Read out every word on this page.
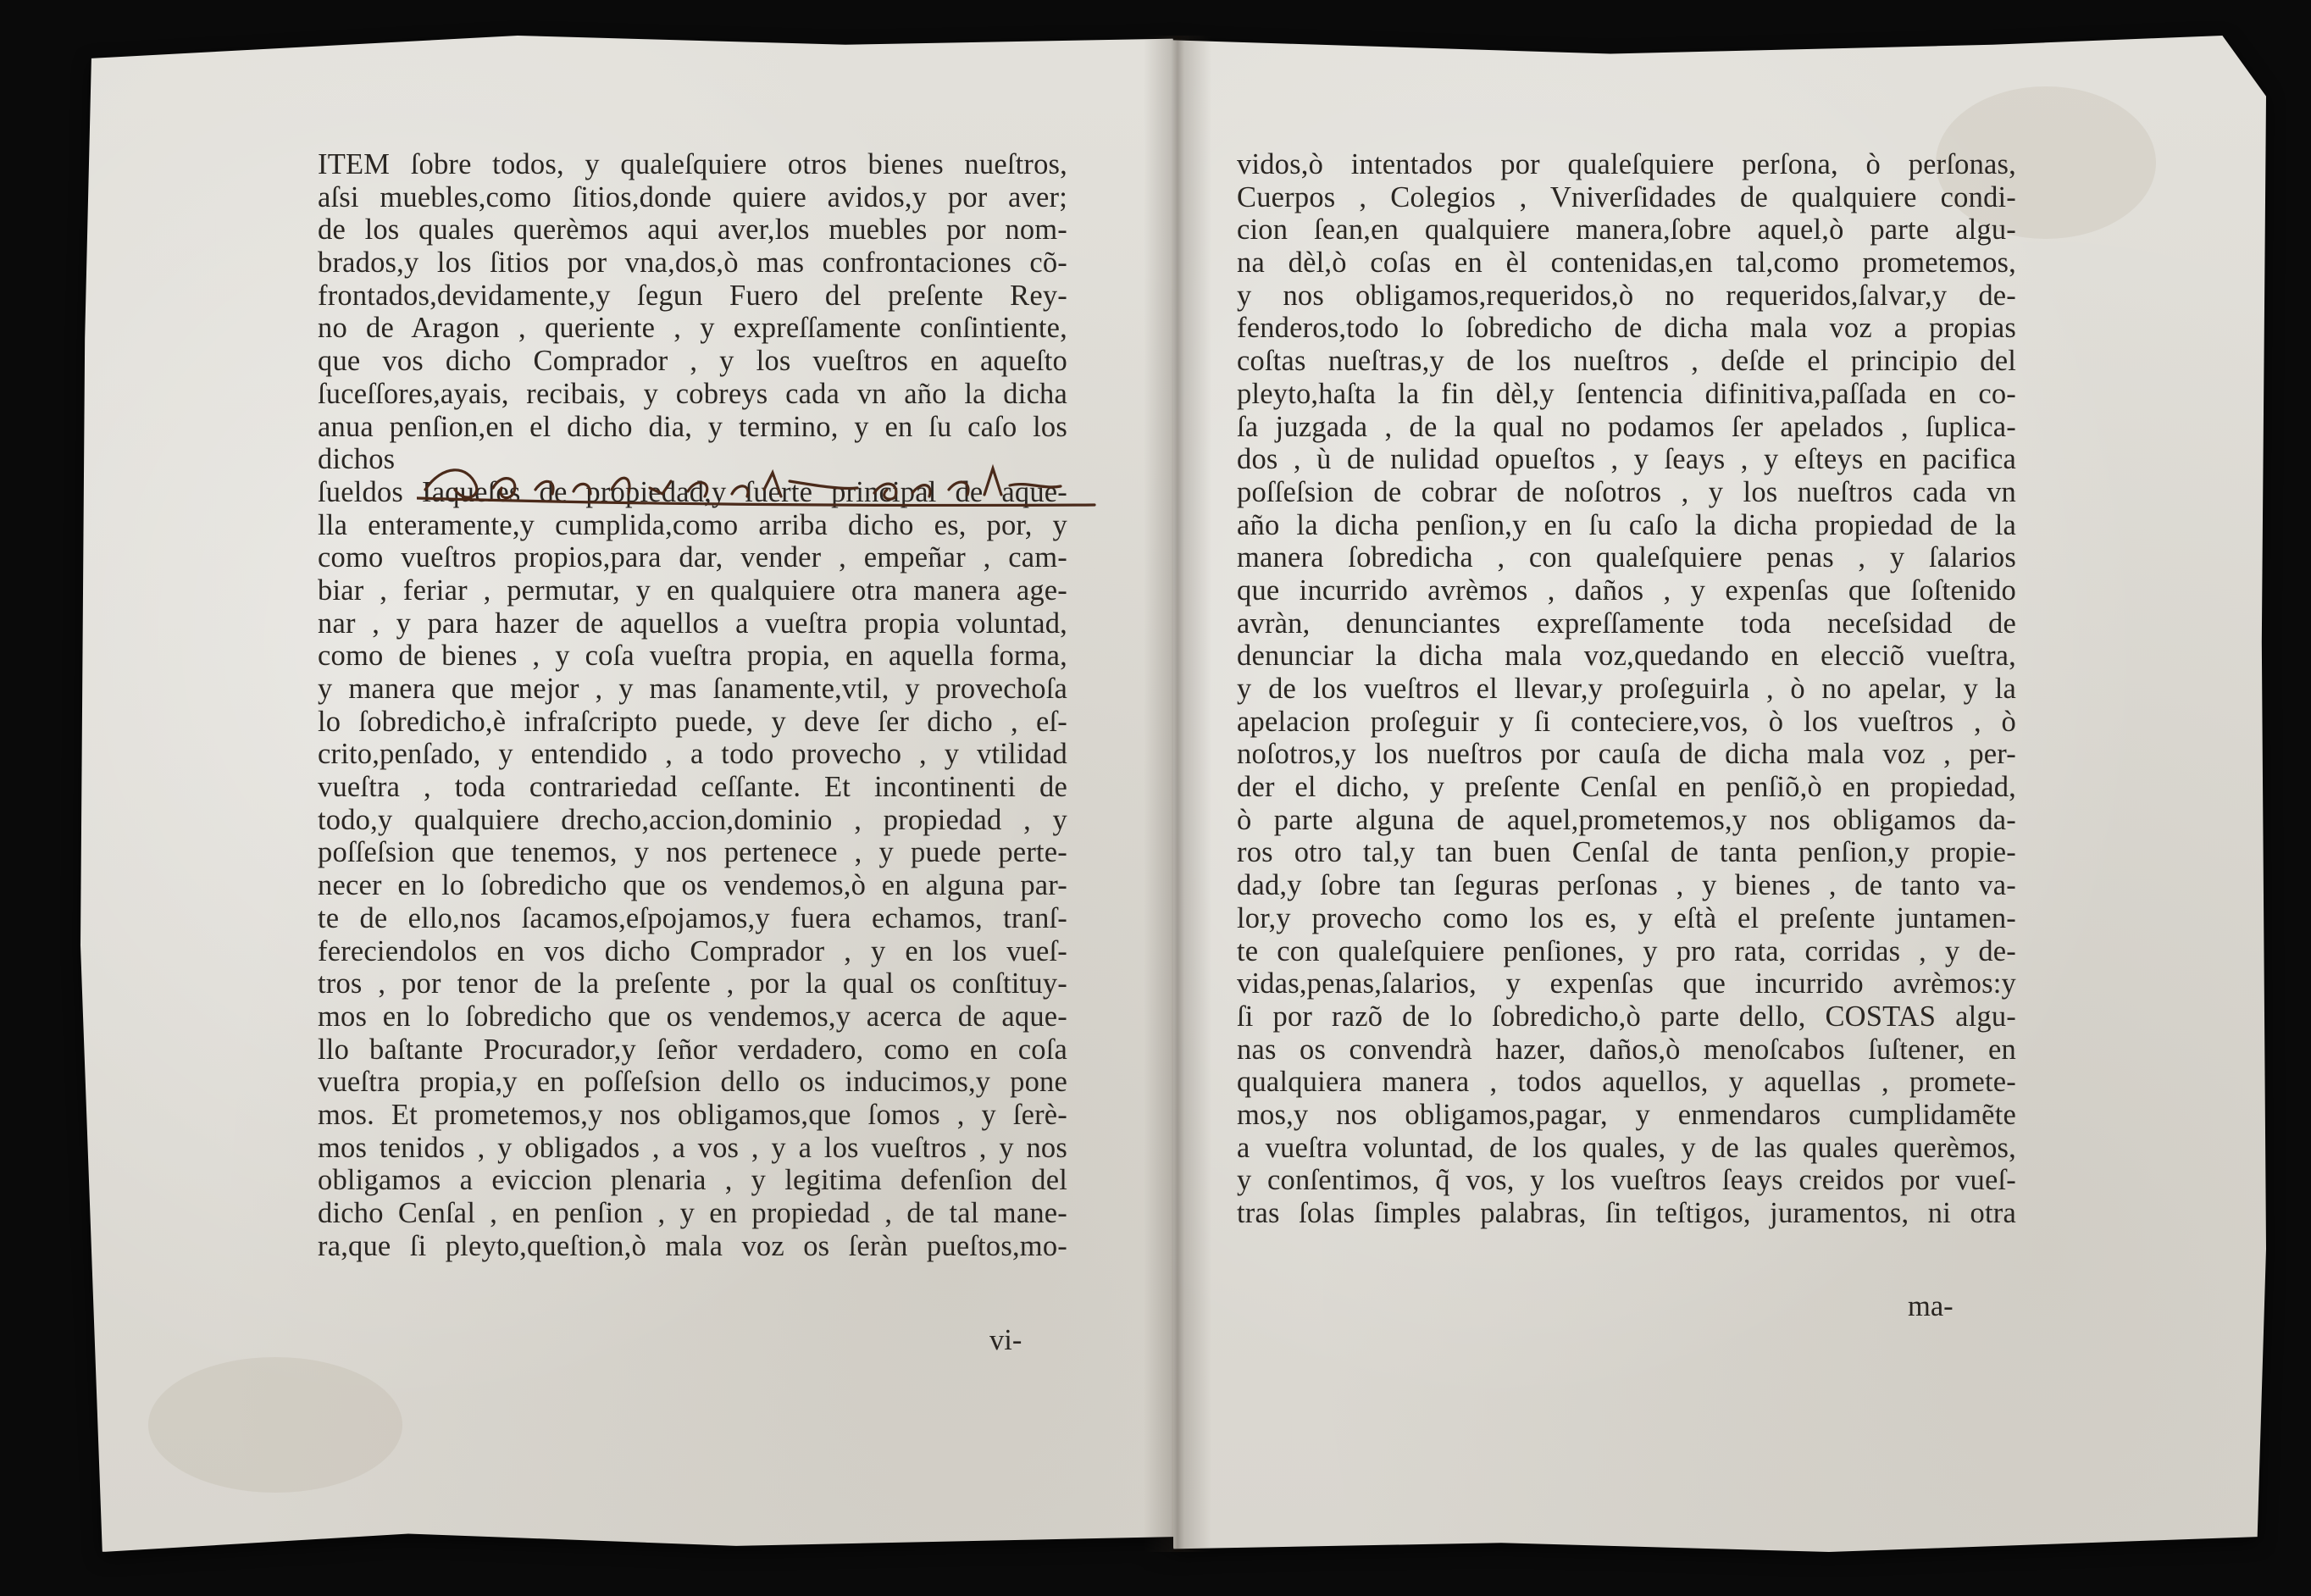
ITEM ſobre todos, y qualeſquiere otros bienes nueſtros,
aſsi muebles,como ſitios,donde quiere avidos,y por aver;
de los quales querèmos aqui aver,los muebles por nom-
brados,y los ſitios por vna,dos,ò mas confrontaciones cõ-
frontados,devidamente,y ſegun Fuero del preſente Rey-
no de Aragon , queriente , y expreſſamente conſintiente,
que vos dicho Comprador , y los vueſtros en aqueſto
ſuceſſores,ayais, recibais, y cobreys cada vn año la dicha
anua penſion,en el dicho dia, y termino, y en ſu caſo los
dichos
ſueldos Iaqueſes de propiedad,y ſuerte principal de aque-
lla enteramente,y cumplida,como arriba dicho es, por, y
como vueſtros propios,para dar, vender , empeñar , cam-
biar , feriar , permutar, y en qualquiere otra manera age-
nar , y para hazer de aquellos a vueſtra propia voluntad,
como de bienes , y coſa vueſtra propia, en aquella forma,
y manera que mejor , y mas ſanamente,vtil, y provechoſa
lo ſobredicho,è infraſcripto puede, y deve ſer dicho , eſ-
crito,penſado, y entendido , a todo provecho , y vtilidad
vueſtra , toda contrariedad ceſſante. Et incontinenti de
todo,y qualquiere drecho,accion,dominio , propiedad , y
poſſeſsion que tenemos, y nos pertenece , y puede perte-
necer en lo ſobredicho que os vendemos,ò en alguna par-
te de ello,nos ſacamos,eſpojamos,y fuera echamos, tranſ-
fereciendolos en vos dicho Comprador , y en los vueſ-
tros , por tenor de la preſente , por la qual os conſtituy-
mos en lo ſobredicho que os vendemos,y acerca de aque-
llo baſtante Procurador,y ſeñor verdadero, como en coſa
vueſtra propia,y en poſſeſsion dello os inducimos,y pone
mos. Et prometemos,y nos obligamos,que ſomos , y ſerè-
mos tenidos , y obligados , a vos , y a los vueſtros , y nos
obligamos a eviccion plenaria , y legitima defenſion del
dicho Cenſal , en penſion , y en propiedad , de tal mane-
ra,que ſi pleyto,queſtion,ò mala voz os ſeràn pueſtos,mo-
vidos,ò intentados por qualeſquiere perſona, ò perſonas,
Cuerpos , Colegios , Vniverſidades de qualquiere condi-
cion ſean,en qualquiere manera,ſobre aquel,ò parte algu-
na dèl,ò coſas en èl contenidas,en tal,como prometemos,
y nos obligamos,requeridos,ò no requeridos,ſalvar,y de-
fenderos,todo lo ſobredicho de dicha mala voz a propias
coſtas nueſtras,y de los nueſtros , deſde el principio del
pleyto,haſta la fin dèl,y ſentencia difinitiva,paſſada en co-
ſa juzgada , de la qual no podamos ſer apelados , ſuplica-
dos , ù de nulidad opueſtos , y ſeays , y eſteys en pacifica
poſſeſsion de cobrar de noſotros , y los nueſtros cada vn
año la dicha penſion,y en ſu caſo la dicha propiedad de la
manera ſobredicha , con qualeſquiere penas , y ſalarios
que incurrido avrèmos , daños , y expenſas que ſoſtenido
avràn, denunciantes expreſſamente toda neceſsidad de
denunciar la dicha mala voz,quedando en elecciõ vueſtra,
y de los vueſtros el llevar,y proſeguirla , ò no apelar, y la
apelacion proſeguir y ſi conteciere,vos, ò los vueſtros , ò
noſotros,y los nueſtros por cauſa de dicha mala voz , per-
der el dicho, y preſente Cenſal en penſiõ,ò en propiedad,
ò parte alguna de aquel,prometemos,y nos obligamos da-
ros otro tal,y tan buen Cenſal de tanta penſion,y propie-
dad,y ſobre tan ſeguras perſonas , y bienes , de tanto va-
lor,y provecho como los es, y eſtà el preſente juntamen-
te con qualeſquiere penſiones, y pro rata, corridas , y de-
vidas,penas,ſalarios, y expenſas que incurrido avrèmos:y
ſi por razõ de lo ſobredicho,ò parte dello, COSTAS algu-
nas os convendrà hazer, daños,ò menoſcabos ſuſtener, en
qualquiera manera , todos aquellos, y aquellas , promete-
mos,y nos obligamos,pagar, y enmendaros cumplidamẽte
a vueſtra voluntad, de los quales, y de las quales querèmos,
y conſentimos, q̃ vos, y los vueſtros ſeays creidos por vueſ-
tras ſolas ſimples palabras, ſin teſtigos, juramentos, ni otra
vi-
ma-
